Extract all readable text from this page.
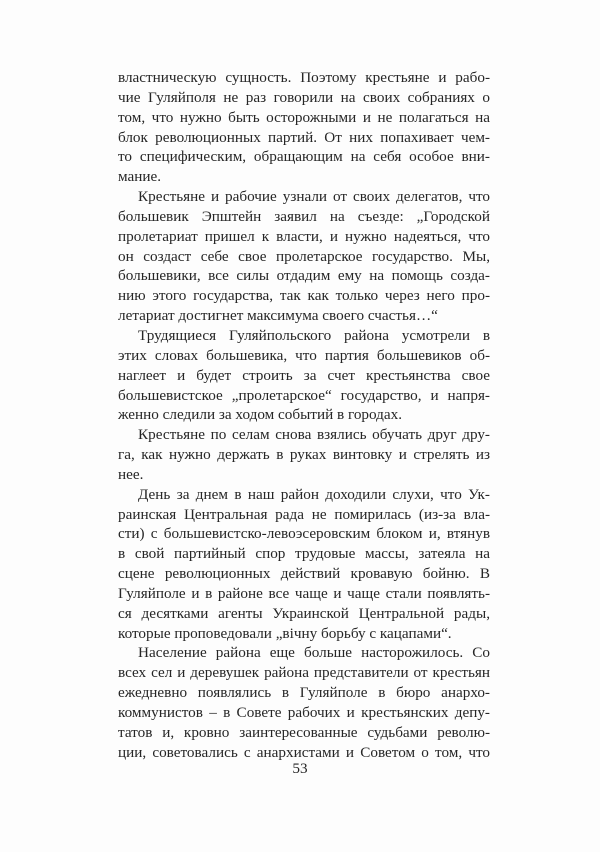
властническую сущность. Поэтому крестьяне и рабо-
чие Гуляйполя не раз говорили на своих собраниях о
том, что нужно быть осторожными и не полагаться на
блок революционных партий. От них попахивает чем-
то специфическим, обращающим на себя особое вни-
мание.
Крестьяне и рабочие узнали от своих делегатов, что
большевик Эпштейн заявил на съезде: „Городской
пролетариат пришел к власти, и нужно надеяться, что
он создаст себе свое пролетарское государство. Мы,
большевики, все силы отдадим ему на помощь созда-
нию этого государства, так как только через него про-
летариат достигнет максимума своего счастья…“
Трудящиеся Гуляйпольского района усмотрели в
этих словах большевика, что партия большевиков об-
наглеет и будет строить за счет крестьянства свое
большевистское „пролетарское“ государство, и напря-
женно следили за ходом событий в городах.
Крестьяне по селам снова взялись обучать друг дру-
га, как нужно держать в руках винтовку и стрелять из
нее.
День за днем в наш район доходили слухи, что Ук-
раинская Центральная рада не помирилась (из-за вла-
сти) с большевистско-левоэсеровским блоком и, втянув
в свой партийный спор трудовые массы, затеяла на
сцене революционных действий кровавую бойню. В
Гуляйполе и в районе все чаще и чаще стали появлять-
ся десятками агенты Украинской Центральной рады,
которые проповедовали „вічну борьбу с кацапами“.
Население района еще больше насторожилось. Со
всех сел и деревушек района представители от крестьян
ежедневно появлялись в Гуляйполе в бюро анархо-
коммунистов – в Совете рабочих и крестьянских депу-
татов и, кровно заинтересованные судьбами револю-
ции, советовались с анархистами и Советом о том, что
53
